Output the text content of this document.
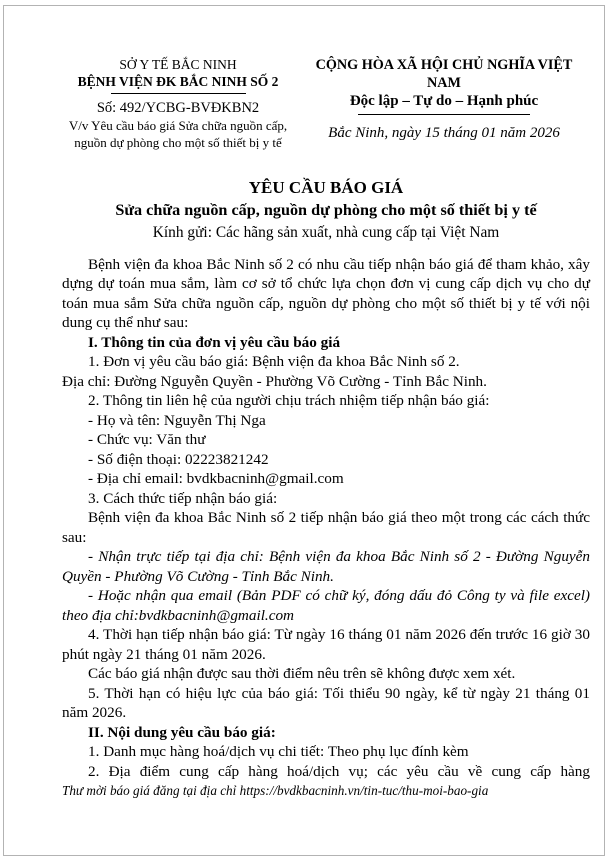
SỞ Y TẾ BẮC NINH
BỆNH VIỆN ĐK BẮC NINH SỐ 2
Số: 492/YCBG-BVĐKBN2
V/v Yêu cầu báo giá Sửa chữa nguồn cấp, nguồn dự phòng cho một số thiết bị y tế
CỘNG HÒA XÃ HỘI CHỦ NGHĨA VIỆT NAM
Độc lập – Tự do – Hạnh phúc
Bắc Ninh, ngày 15 tháng 01 năm 2026
YÊU CẦU BÁO GIÁ
Sửa chữa nguồn cấp, nguồn dự phòng cho một số thiết bị y tế
Kính gửi: Các hãng sản xuất, nhà cung cấp tại Việt Nam

Bệnh viện đa khoa Bắc Ninh số 2 có nhu cầu tiếp nhận báo giá để tham khảo, xây dựng dự toán mua sắm, làm cơ sở tổ chức lựa chọn đơn vị cung cấp dịch vụ cho dự toán mua sắm Sửa chữa nguồn cấp, nguồn dự phòng cho một số thiết bị y tế với nội dung cụ thể như sau:

I. Thông tin của đơn vị yêu cầu báo giá

1. Đơn vị yêu cầu báo giá: Bệnh viện đa khoa Bắc Ninh số 2.

Địa chỉ: Đường Nguyễn Quyền - Phường Võ Cường - Tỉnh Bắc Ninh.

2. Thông tin liên hệ của người chịu trách nhiệm tiếp nhận báo giá:

- Họ và tên: Nguyễn Thị Nga

- Chức vụ: Văn thư

- Số điện thoại: 02223821242

- Địa chỉ email: bvdkbacninh@gmail.com

3. Cách thức tiếp nhận báo giá:

Bệnh viện đa khoa Bắc Ninh số 2 tiếp nhận báo giá theo một trong các cách thức sau:

- Nhận trực tiếp tại địa chỉ: Bệnh viện đa khoa Bắc Ninh số 2 - Đường Nguyễn Quyền - Phường Võ Cường - Tỉnh Bắc Ninh.

- Hoặc nhận qua email (Bản PDF có chữ ký, đóng dấu đỏ Công ty và file excel) theo địa chỉ:bvdkbacninh@gmail.com

4. Thời hạn tiếp nhận báo giá: Từ ngày 16 tháng 01 năm 2026 đến trước 16 giờ 30 phút ngày 21 tháng 01 năm 2026.

Các báo giá nhận được sau thời điểm nêu trên sẽ không được xem xét.

5. Thời hạn có hiệu lực của báo giá: Tối thiểu 90 ngày, kể từ ngày 21 tháng 01 năm 2026.

II. Nội dung yêu cầu báo giá:

1. Danh mục hàng hoá/dịch vụ chi tiết: Theo phụ lục đính kèm

2. Địa điểm cung cấp hàng hoá/dịch vụ; các yêu cầu về cung cấp hàng

Thư mời báo giá đăng tại địa chỉ https://bvdkbacninh.vn/tin-tuc/thu-moi-bao-gia
